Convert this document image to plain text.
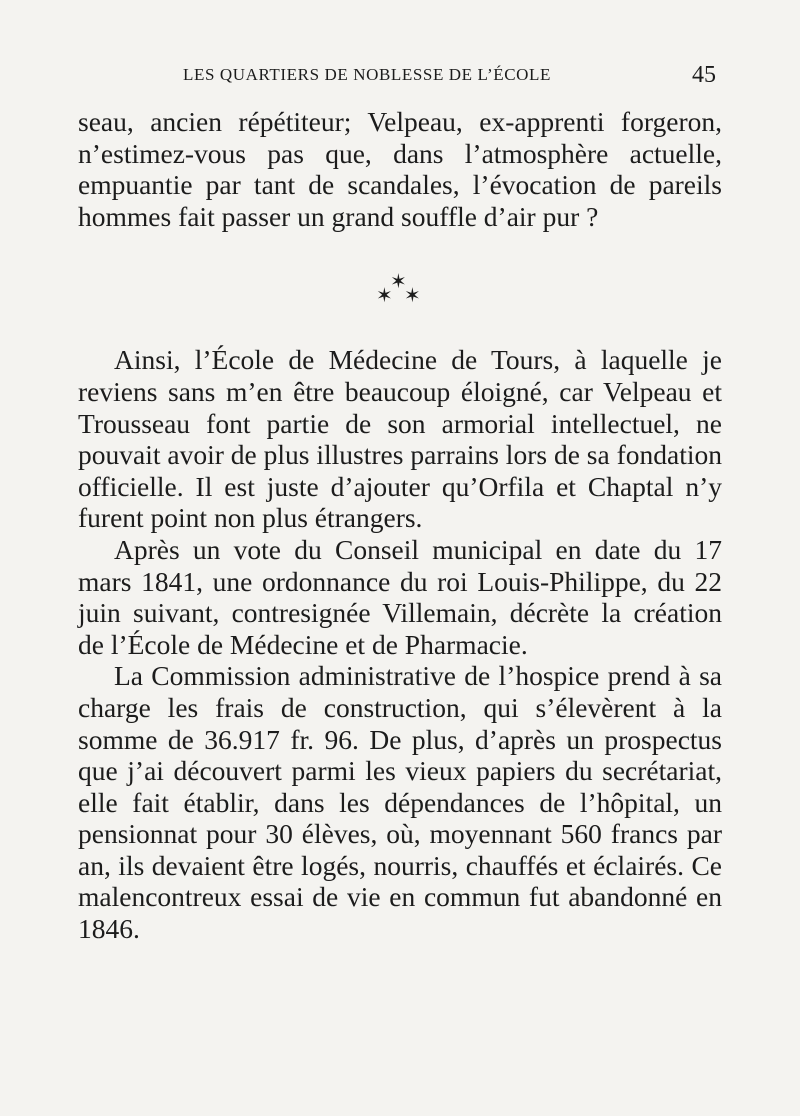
LES QUARTIERS DE NOBLESSE DE L’ÉCOLE	45

seau, ancien répétiteur; Velpeau, ex-apprenti forgeron, n’estimez-vous pas que, dans l’atmosphère actuelle, empuantie par tant de scandales, l’évocation de pareils hommes fait passer un grand souffle d’air pur ?

✶
✶ ✶

Ainsi, l’École de Médecine de Tours, à laquelle je reviens sans m’en être beaucoup éloigné, car Velpeau et Trousseau font partie de son armorial intellectuel, ne pouvait avoir de plus illustres parrains lors de sa fondation officielle. Il est juste d’ajouter qu’Orfila et Chaptal n’y furent point non plus étrangers.

Après un vote du Conseil municipal en date du 17 mars 1841, une ordonnance du roi Louis-Philippe, du 22 juin suivant, contresignée Villemain, décrète la création de l’École de Médecine et de Pharmacie.

La Commission administrative de l’hospice prend à sa charge les frais de construction, qui s’élevèrent à la somme de 36.917 fr. 96. De plus, d’après un prospectus que j’ai découvert parmi les vieux papiers du secrétariat, elle fait établir, dans les dépendances de l’hôpital, un pensionnat pour 30 élèves, où, moyennant 560 francs par an, ils devaient être logés, nourris, chauffés et éclairés. Ce malencontreux essai de vie en commun fut abandonné en 1846.
